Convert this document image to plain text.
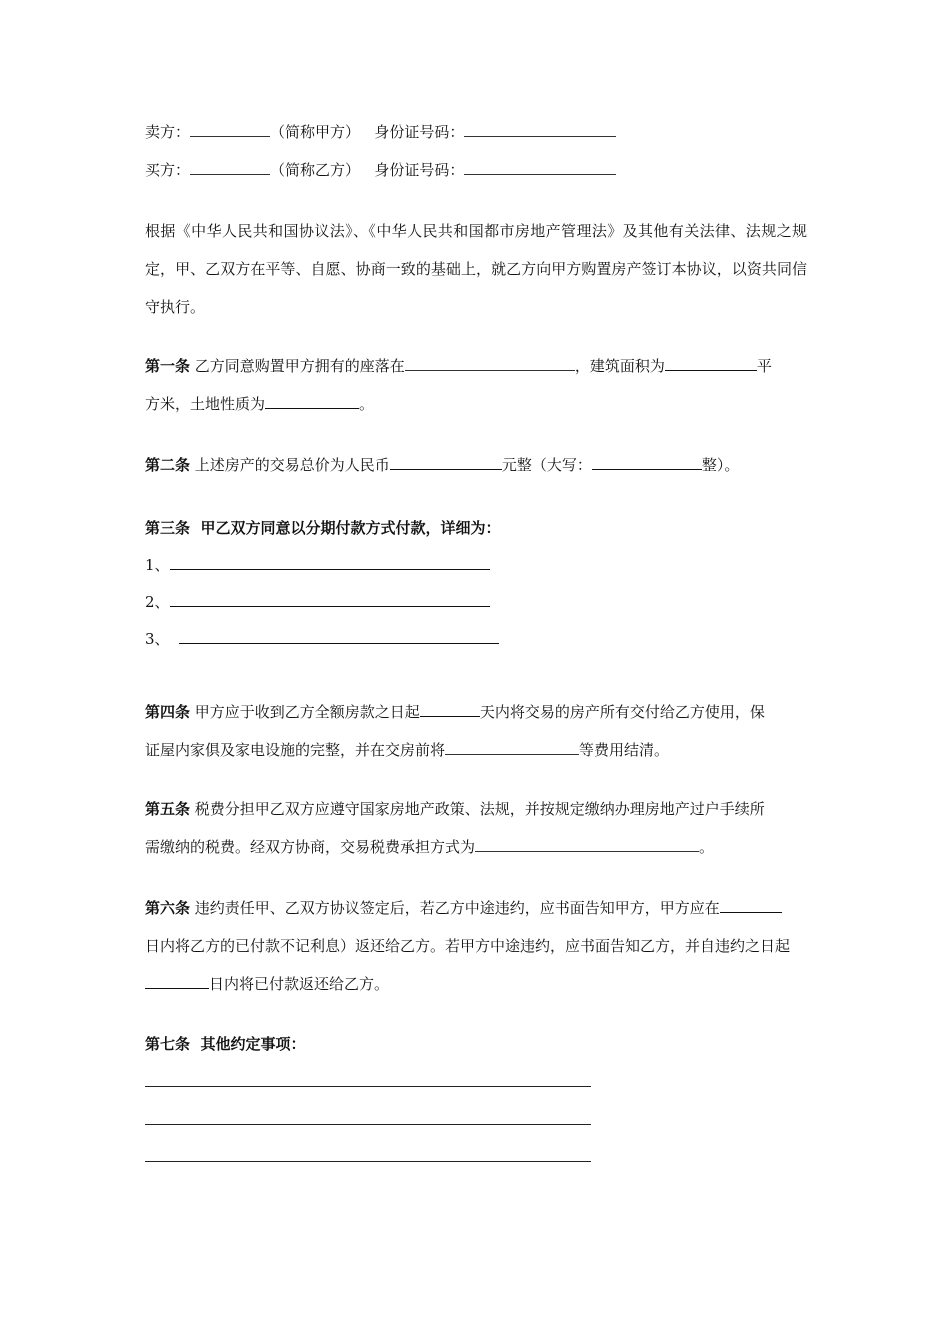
卖方：	（简称甲方） 身份证号码：
买方：	（简称乙方） 身份证号码：
根据《中华人民共和国协议法》、《中华人民共和国都市房地产管理法》及其他有关法律、法规之规定，甲、乙双方在平等、自愿、协商一致的基础上，就乙方向甲方购置房产签订本协议，以资共同信守执行。
第一条 乙方同意购置甲方拥有的座落在	，建筑面积为	平
方米，土地性质为	。
第二条 上述房产的交易总价为人民币	元整（大写：	整）。
第三条 甲乙双方同意以分期付款方式付款，详细为：
1、
2、
3、
第四条 甲方应于收到乙方全额房款之日起	天内将交易的房产所有交付给乙方使用，保
证屋内家俱及家电设施的完整，并在交房前将	等费用结清。
第五条 税费分担甲乙双方应遵守国家房地产政策、法规，并按规定缴纳办理房地产过户手续所
需缴纳的税费。经双方协商，交易税费承担方式为	。
第六条 违约责任甲、乙双方协议签定后，若乙方中途违约，应书面告知甲方，甲方应在
日内将乙方的已付款不记利息）返还给乙方。若甲方中途违约，应书面告知乙方，并自违约之日起
日内将已付款返还给乙方。
第七条 其他约定事项：
